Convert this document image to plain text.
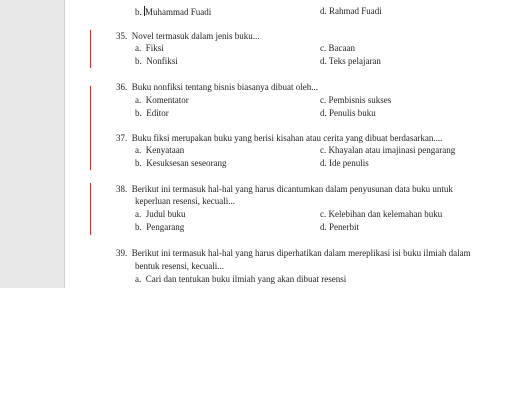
b. Muhammad Fuadi	d. Rahmad Fuadi
35.  Novel termasuk dalam jenis buku...
a.  Fiksi	c. Bacaan
b.  Nonfiksi	d. Teks pelajaran
36.  Buku nonfiksi tentang bisnis biasanya dibuat oleh...
a.  Komentator	c. Pembisnis sukses
b.  Editor	d. Penulis buku
37.  Buku fiksi merupakan buku yang berisi kisahan atau cerita yang dibuat berdasarkan....
a.  Kenyataan	c. Khayalan atau imajinasi pengarang
b.  Kesuksesan seseorang	d. Ide penulis
38.  Berikut ini termasuk hal-hal yang harus dicantumkan dalam penyusunan data buku untuk
keperluan resensi, kecuali...
a.  Judul buku	c. Kelebihan dan kelemahan buku
b.  Pengarang	d. Penerbit
39.  Berikut ini termasuk hal-hal yang harus diperhatikan dalam mereplikasi isi buku ilmiah dalam
bentuk resensi, kecuali...
a.  Cari dan tentukan buku ilmiah yang akan dibuat resensi
